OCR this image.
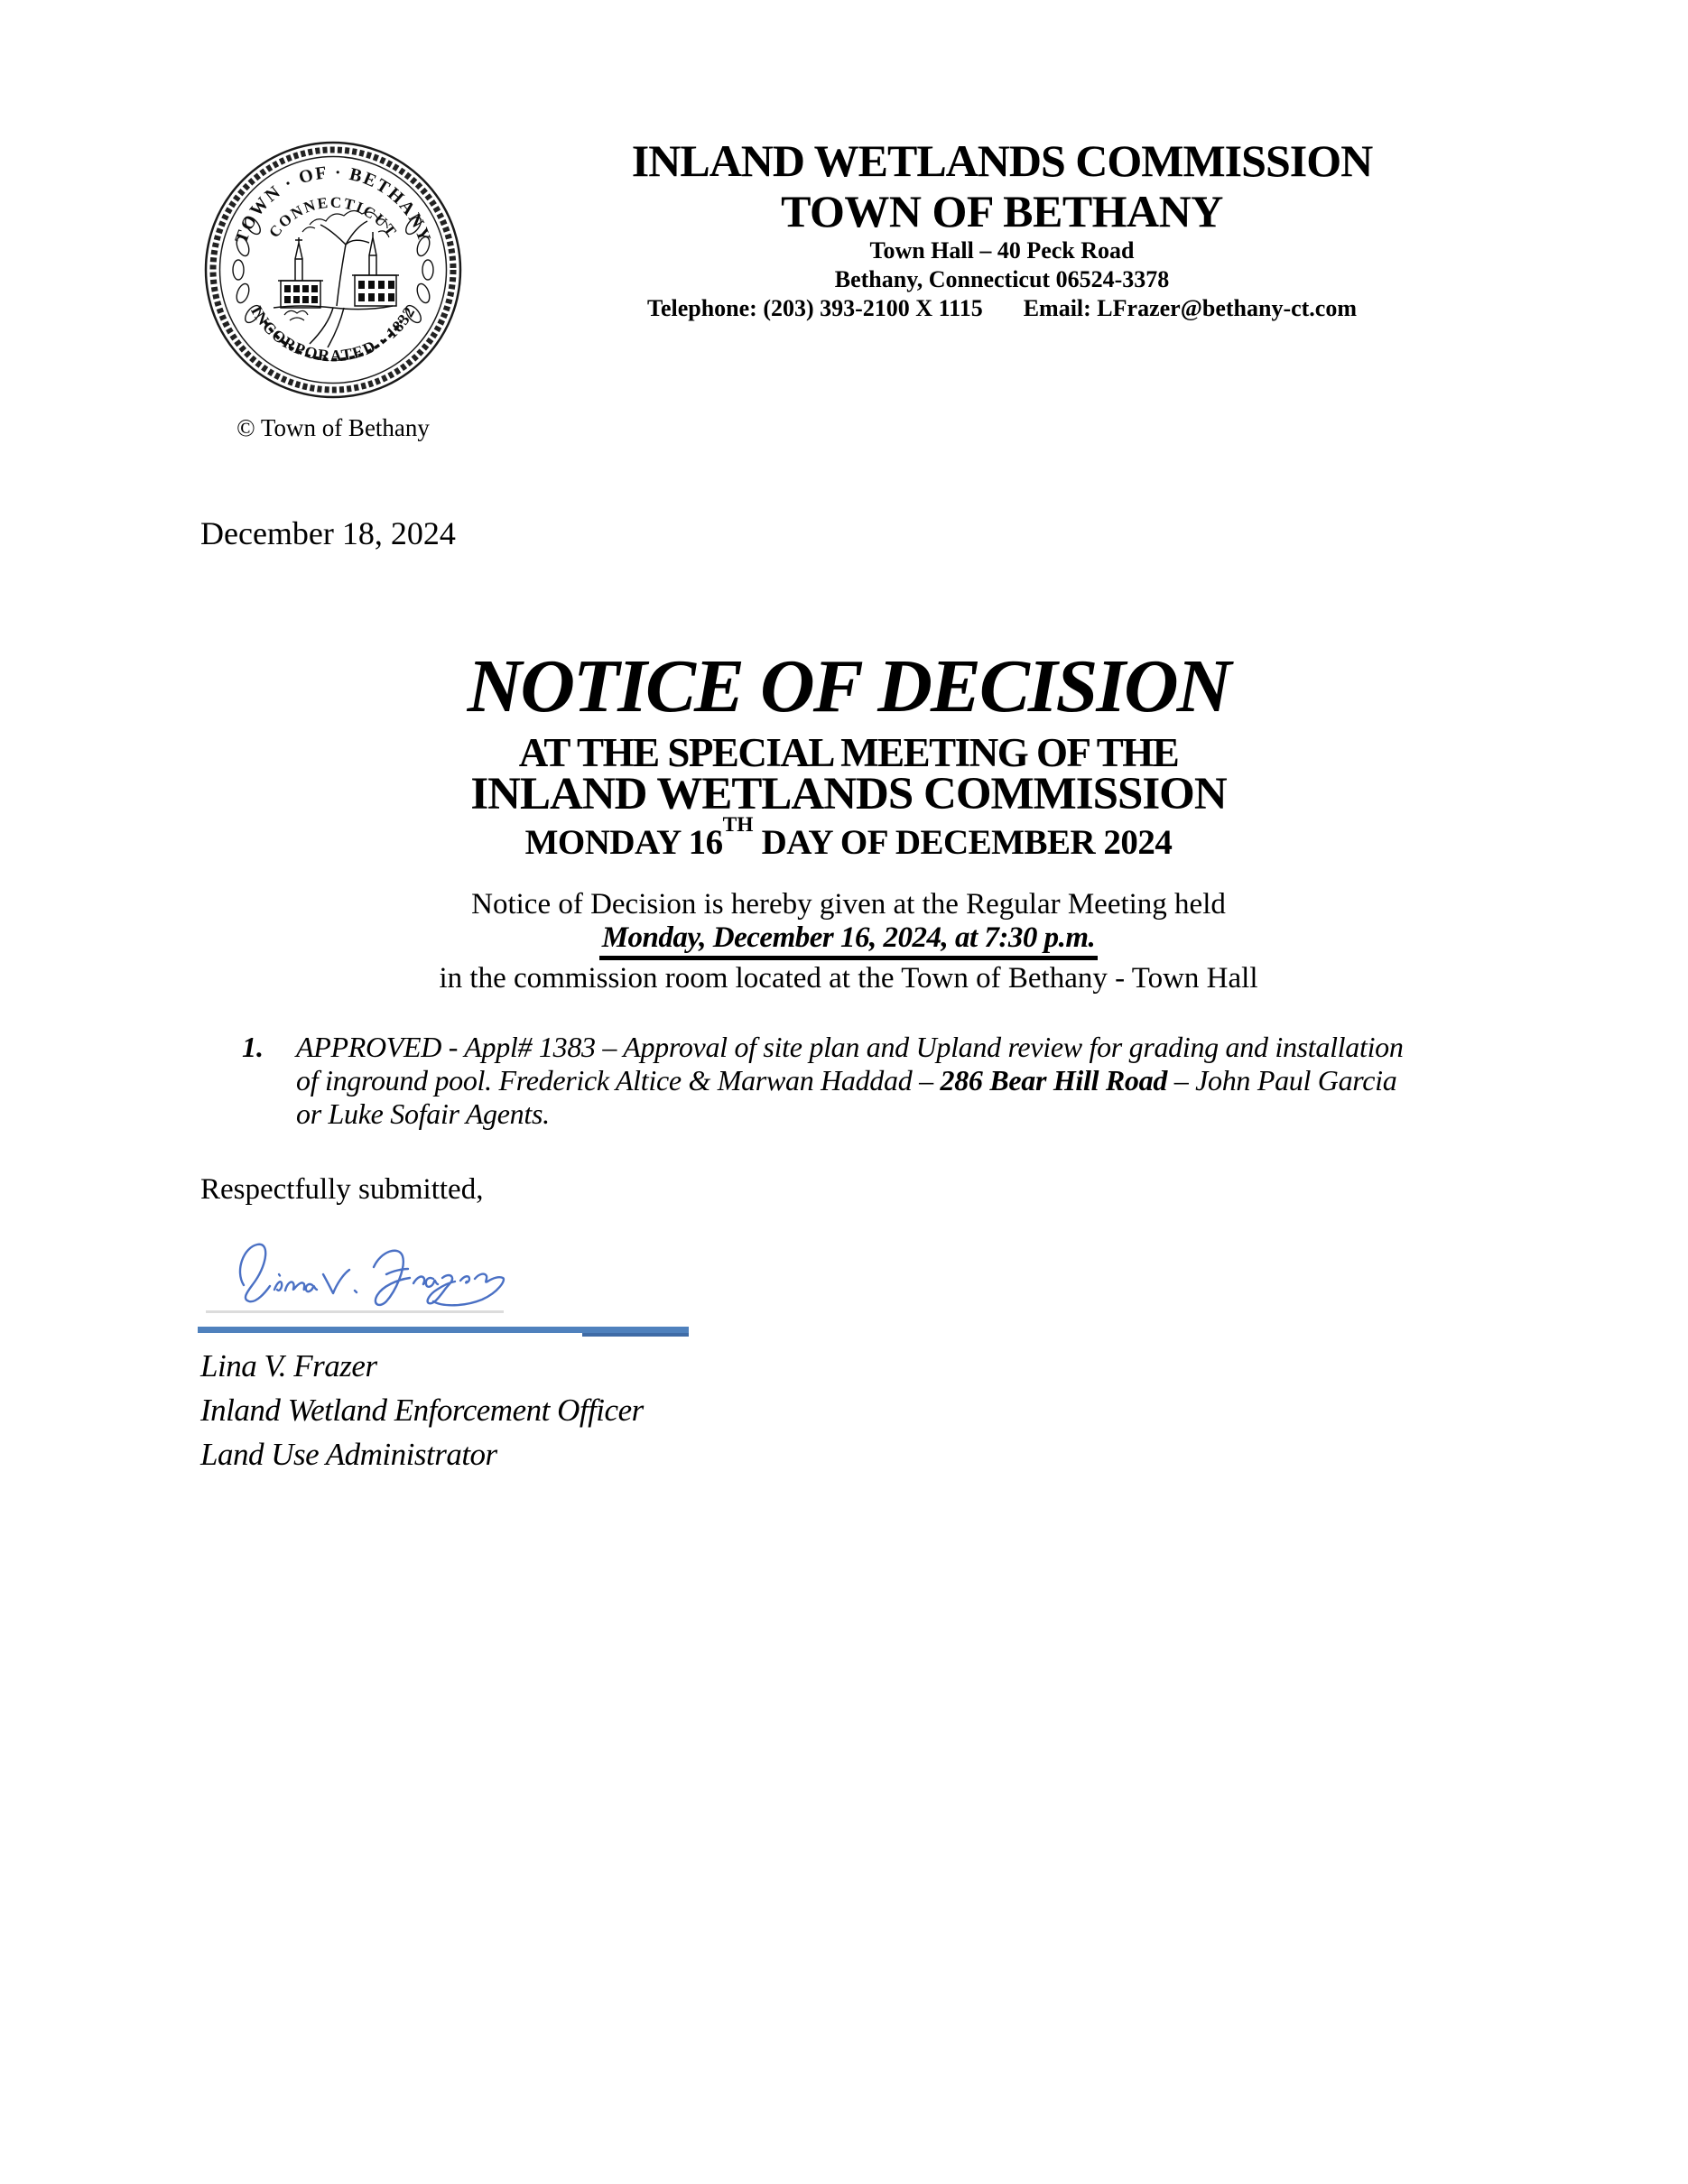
TOWN · OF · BETHANY
CONNECTICUT
INCORPORATED · 1832
© Town of Bethany
INLAND WETLANDS COMMISSION
TOWN OF BETHANY
Town Hall – 40 Peck Road
Bethany, Connecticut 06524-3378
Telephone: (203) 393-2100 X 1115 Email: LFrazer@bethany-ct.com
December 18, 2024
NOTICE OF DECISION
AT THE SPECIAL MEETING OF THE
INLAND WETLANDS COMMISSION
MONDAY 16TH DAY OF DECEMBER 2024
Notice of Decision is hereby given at the Regular Meeting held
Monday, December 16, 2024, at 7:30 p.m.
in the commission room located at the Town of Bethany - Town Hall
1.	APPROVED - Appl# 1383 – Approval of site plan and Upland review for grading and installation
of inground pool. Frederick Altice & Marwan Haddad – 286 Bear Hill Road – John Paul Garcia
or Luke Sofair Agents.
Respectfully submitted,
Lina V. Frazer
Inland Wetland Enforcement Officer
Land Use Administrator
